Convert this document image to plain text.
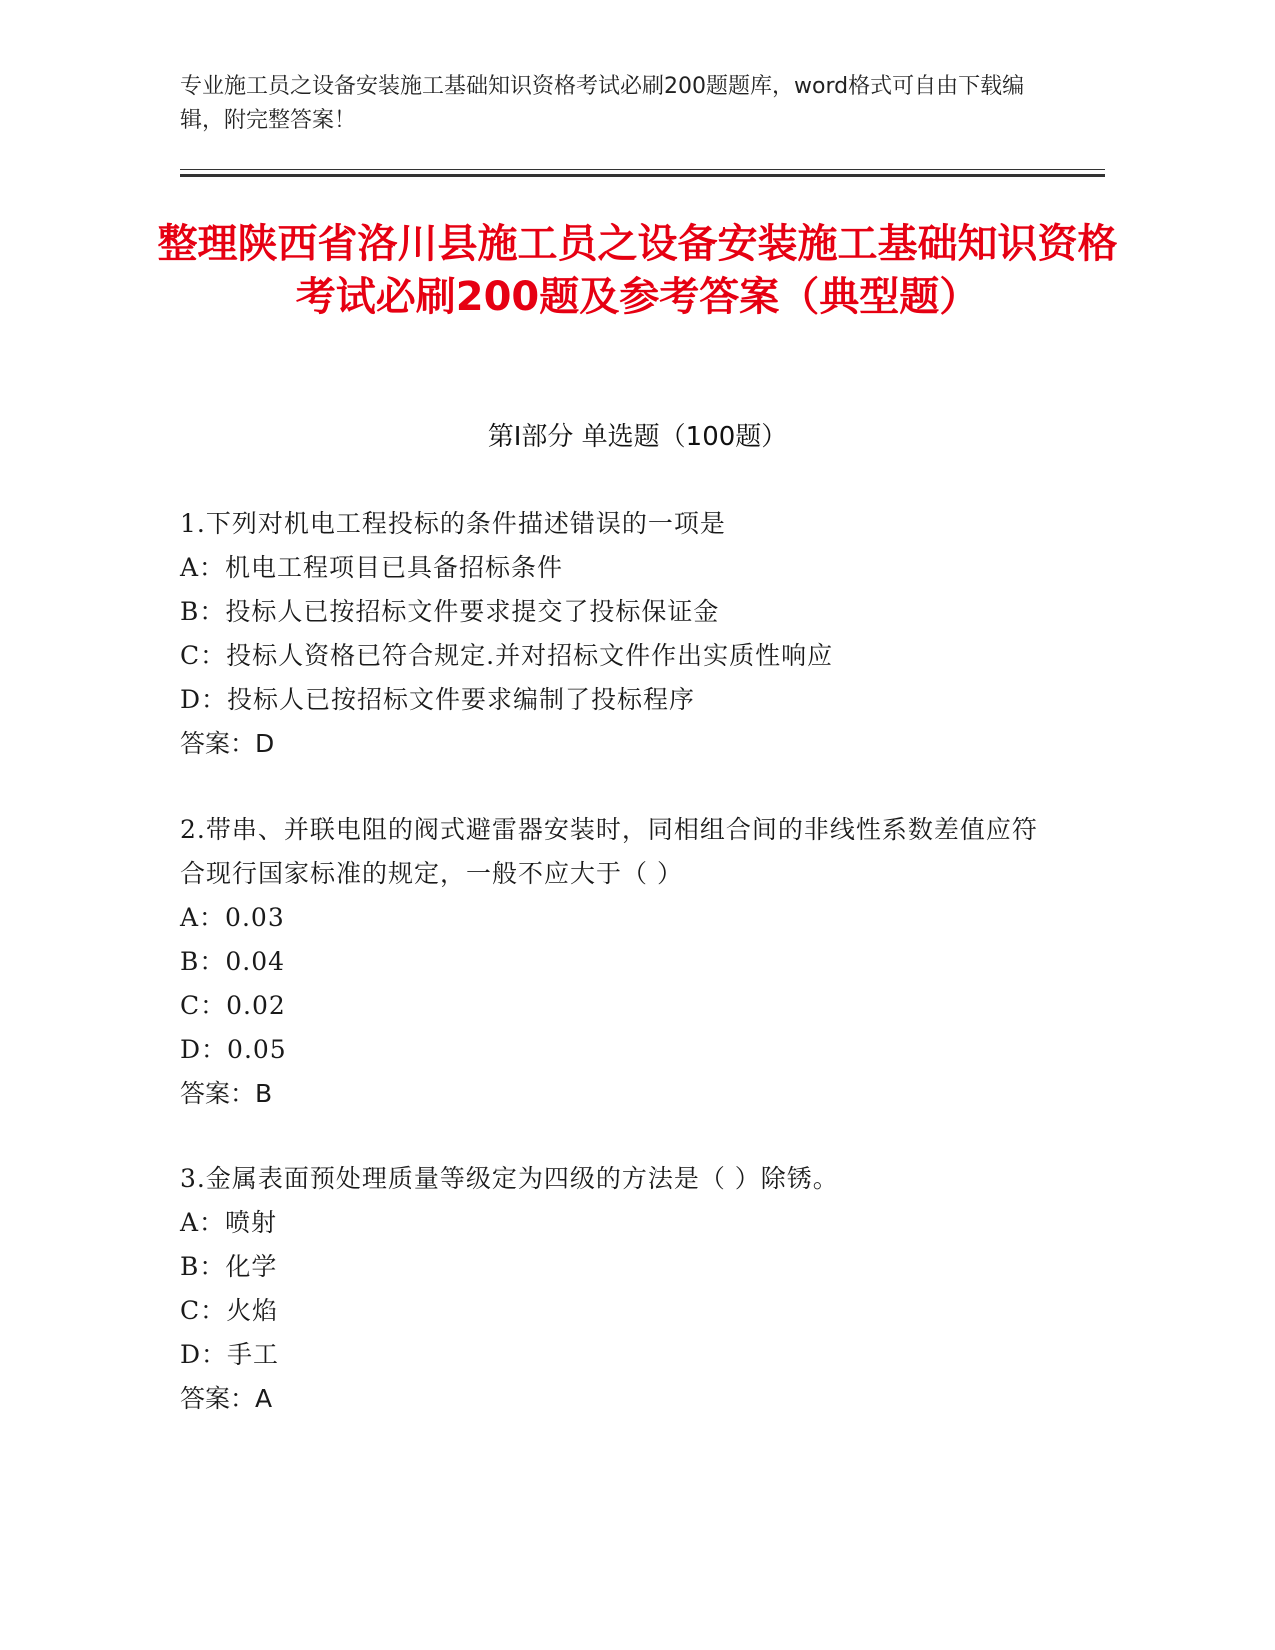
专业施工员之设备安装施工基础知识资格考试必刷200题题库，word格式可自由下载编辑，附完整答案！
整理陕西省洛川县施工员之设备安装施工基础知识资格考试必刷200题及参考答案（典型题）
第Ⅰ部分 单选题（100题）
1.下列对机电工程投标的条件描述错误的一项是
A：机电工程项目已具备招标条件
B：投标人已按招标文件要求提交了投标保证金
C：投标人资格已符合规定.并对招标文件作出实质性响应
D：投标人已按招标文件要求编制了投标程序
答案：D
2.带串、并联电阻的阀式避雷器安装时，同相组合间的非线性系数差值应符合现行国家标准的规定，一般不应大于（ ）
A：0.03
B：0.04
C：0.02
D：0.05
答案：B
3.金属表面预处理质量等级定为四级的方法是（ ）除锈。
A：喷射
B：化学
C：火焰
D：手工
答案：A
